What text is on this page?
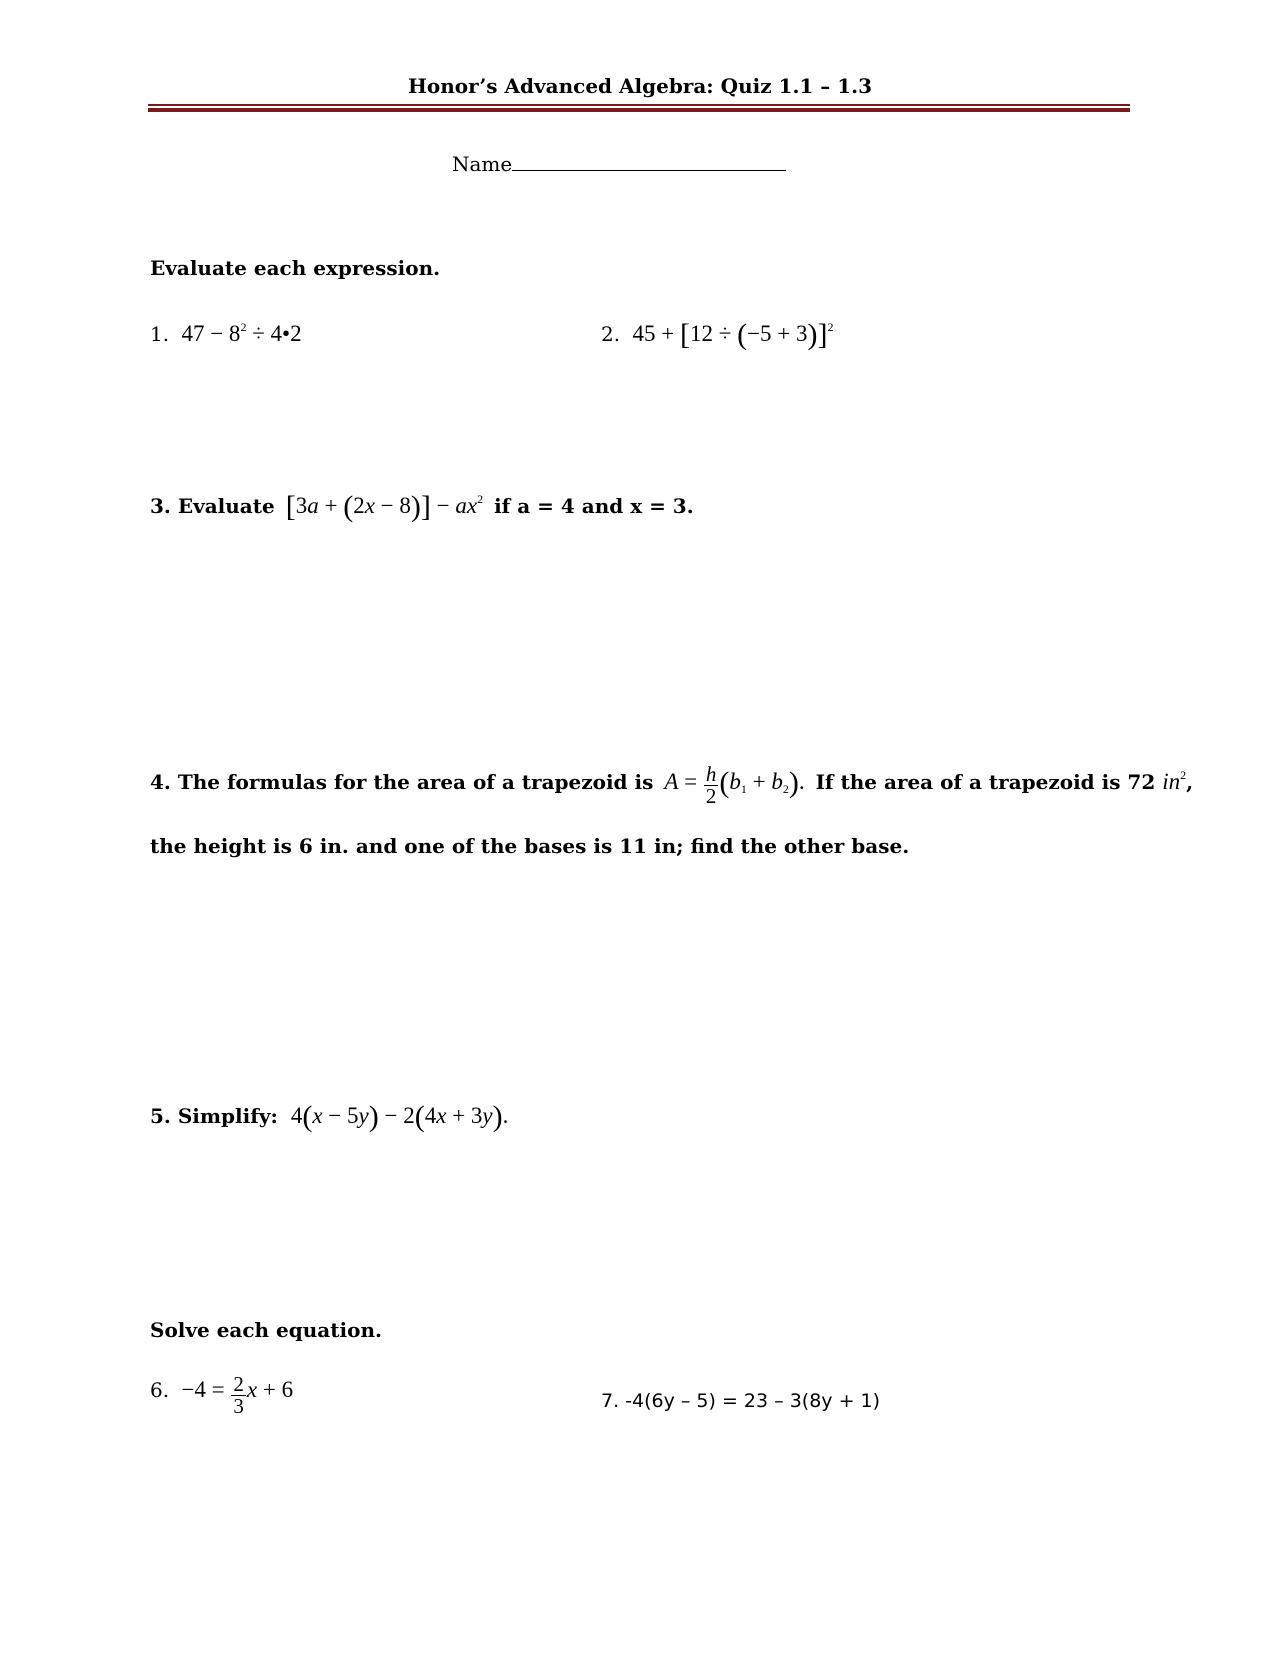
Honor’s Advanced Algebra: Quiz 1.1 – 1.3
Name
Evaluate each expression.
1. $47 - 8^2$ ÷ 4•2	2. $45 + [12 \div (-5 + 3)]^2$
3. Evaluate $[3a + (2x - 8)] - ax^2$ if a = 4 and x = 3.
4. The formulas for the area of a trapezoid is $A = \frac{h}{2} (b_1 + b_2)$. If the area of a trapezoid is 72 $in^2$,
the height is 6 in. and one of the bases is 11 in; find the other base.
5. Simplify: 4(x − 5y) − 2(4x + 3y).
Solve each equation.
6. $-4 = \frac{2}{3}$ x + 6	7. -4(6y – 5) = 23 – 3(8y + 1)
